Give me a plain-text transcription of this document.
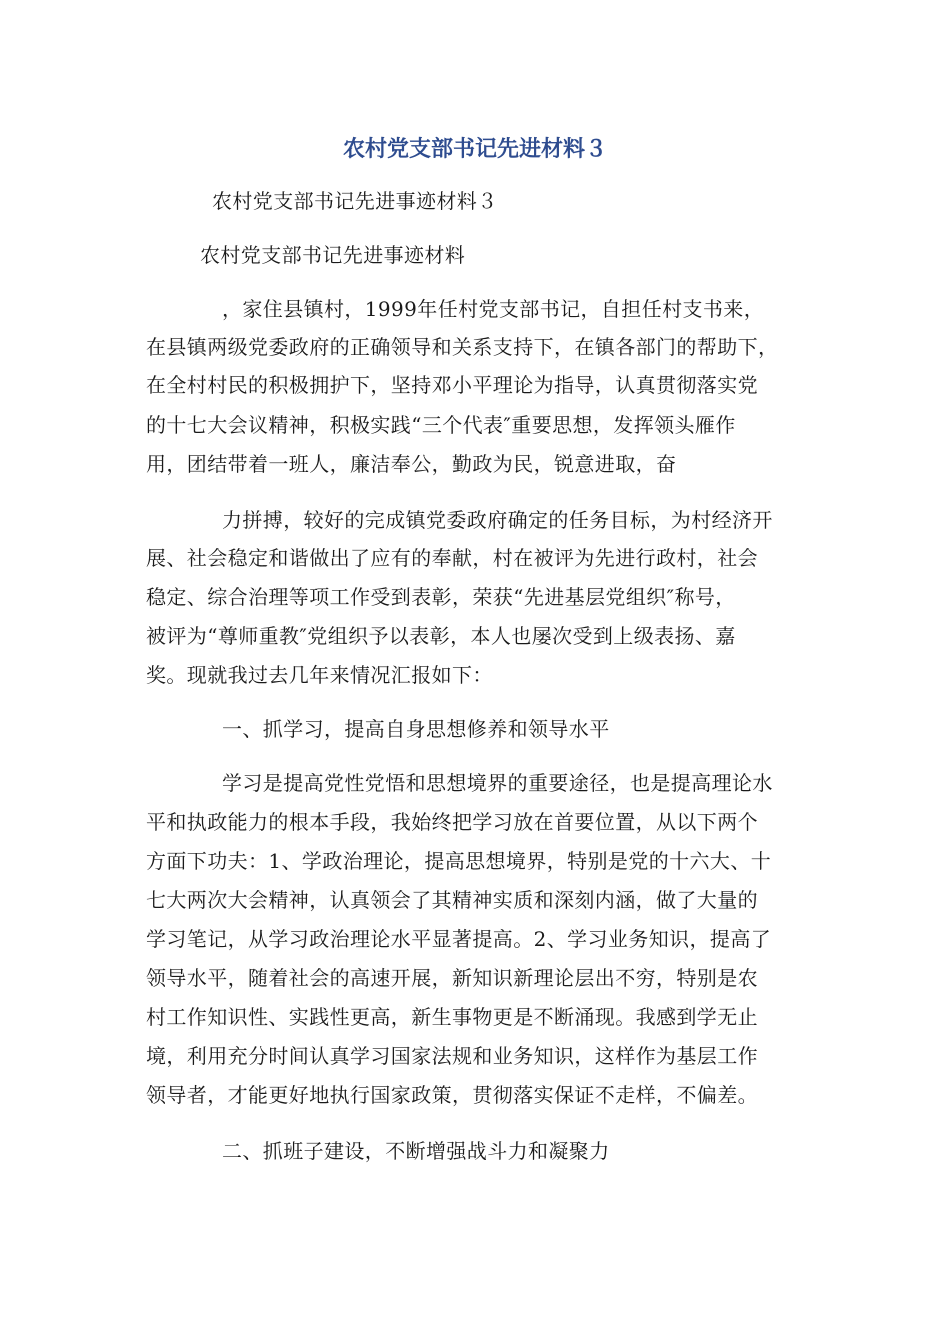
农村党支部书记先进材料３
农村党支部书记先进事迹材料３
农村党支部书记先进事迹材料
，家住县镇村，1999年任村党支部书记，自担任村支书来，
在县镇两级党委政府的正确领导和关系支持下，在镇各部门的帮助下，
在全村村民的积极拥护下，坚持邓小平理论为指导，认真贯彻落实党
的十七大会议精神，积极实践“三个代表″重要思想，发挥领头雁作
用，团结带着一班人，廉洁奉公，勤政为民，锐意进取，奋
力拼搏，较好的完成镇党委政府确定的任务目标，为村经济开
展、社会稳定和谐做出了应有的奉献，村在被评为先进行政村，社会
稳定、综合治理等项工作受到表彰，荣获“先进基层党组织″称号，
被评为“尊师重教″党组织予以表彰，本人也屡次受到上级表扬、嘉
奖。现就我过去几年来情况汇报如下：
一、抓学习，提高自身思想修养和领导水平
学习是提高党性党悟和思想境界的重要途径，也是提高理论水
平和执政能力的根本手段，我始终把学习放在首要位置，从以下两个
方面下功夫：1、学政治理论，提高思想境界，特别是党的十六大、十
七大两次大会精神，认真领会了其精神实质和深刻内涵，做了大量的
学习笔记，从学习政治理论水平显著提高。2、学习业务知识，提高了
领导水平，随着社会的高速开展，新知识新理论层出不穷，特别是农
村工作知识性、实践性更高，新生事物更是不断涌现。我感到学无止
境，利用充分时间认真学习国家法规和业务知识，这样作为基层工作
领导者，才能更好地执行国家政策，贯彻落实保证不走样，不偏差。
二、抓班子建设，不断增强战斗力和凝聚力
